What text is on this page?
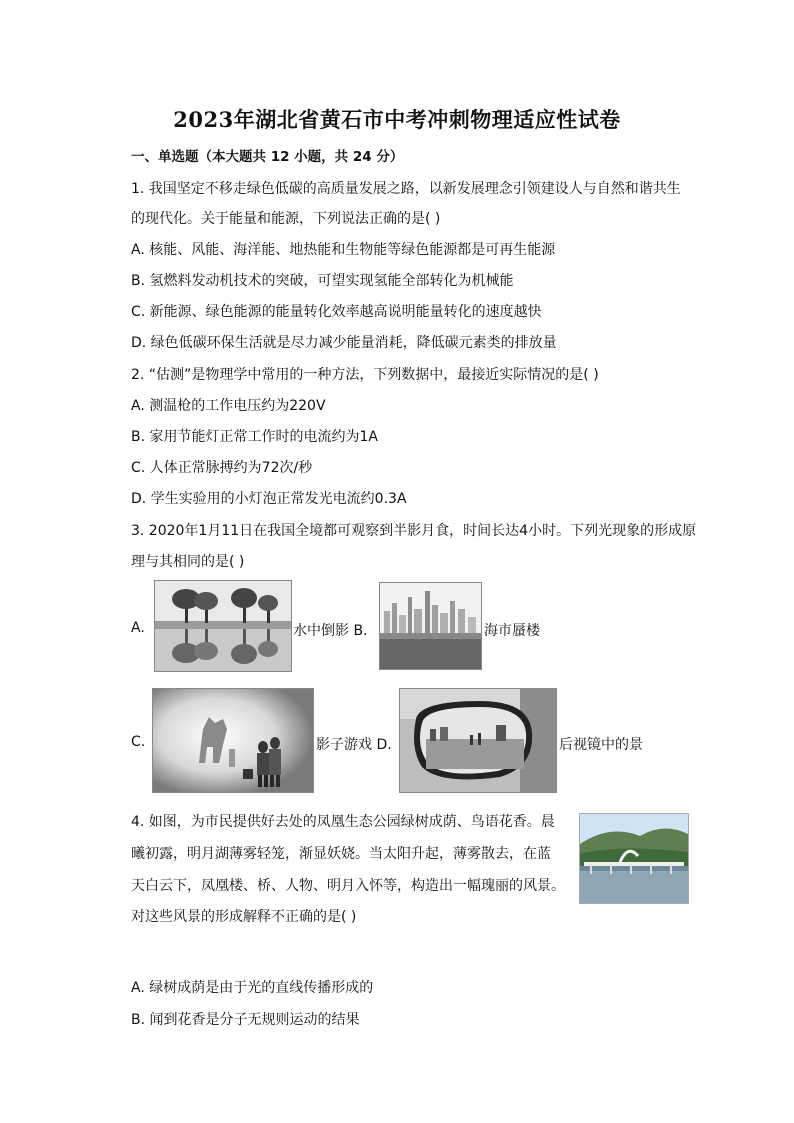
2023年湖北省黄石市中考冲刺物理适应性试卷
一、单选题（本大题共 12 小题，共 24 分）
1. 我国坚定不移走绿色低碳的高质量发展之路，以新发展理念引领建设人与自然和谐共生
的现代化。关于能量和能源，下列说法正确的是( )
A. 核能、风能、海洋能、地热能和生物能等绿色能源都是可再生能源
B. 氢燃料发动机技术的突破，可望实现氢能全部转化为机械能
C. 新能源、绿色能源的能量转化效率越高说明能量转化的速度越快
D. 绿色低碳环保生活就是尽力减少能量消耗，降低碳元素类的排放量
2. “估测”是物理学中常用的一种方法，下列数据中，最接近实际情况的是( )
A. 测温枪的工作电压约为220V
B. 家用节能灯正常工作时的电流约为1A
C. 人体正常脉搏约为72次/秒
D. 学生实验用的小灯泡正常发光电流约0.3A
3. 2020年1月11日在我国全境都可观察到半影月食，时间长达4小时。下列光现象的形成原
理与其相同的是( )
A.	水中倒影 B.	海市蜃楼
C.	影子游戏 D.	后视镜中的景
4. 如图，为市民提供好去处的凤凰生态公园绿树成荫、鸟语花香。晨
曦初露，明月湖薄雾轻笼，渐显妖娆。当太阳升起，薄雾散去，在蓝
天白云下，凤凰楼、桥、人物、明月入怀等，构造出一幅瑰丽的风景。
对这些风景的形成解释不正确的是( )
A. 绿树成荫是由于光的直线传播形成的
B. 闻到花香是分子无规则运动的结果
